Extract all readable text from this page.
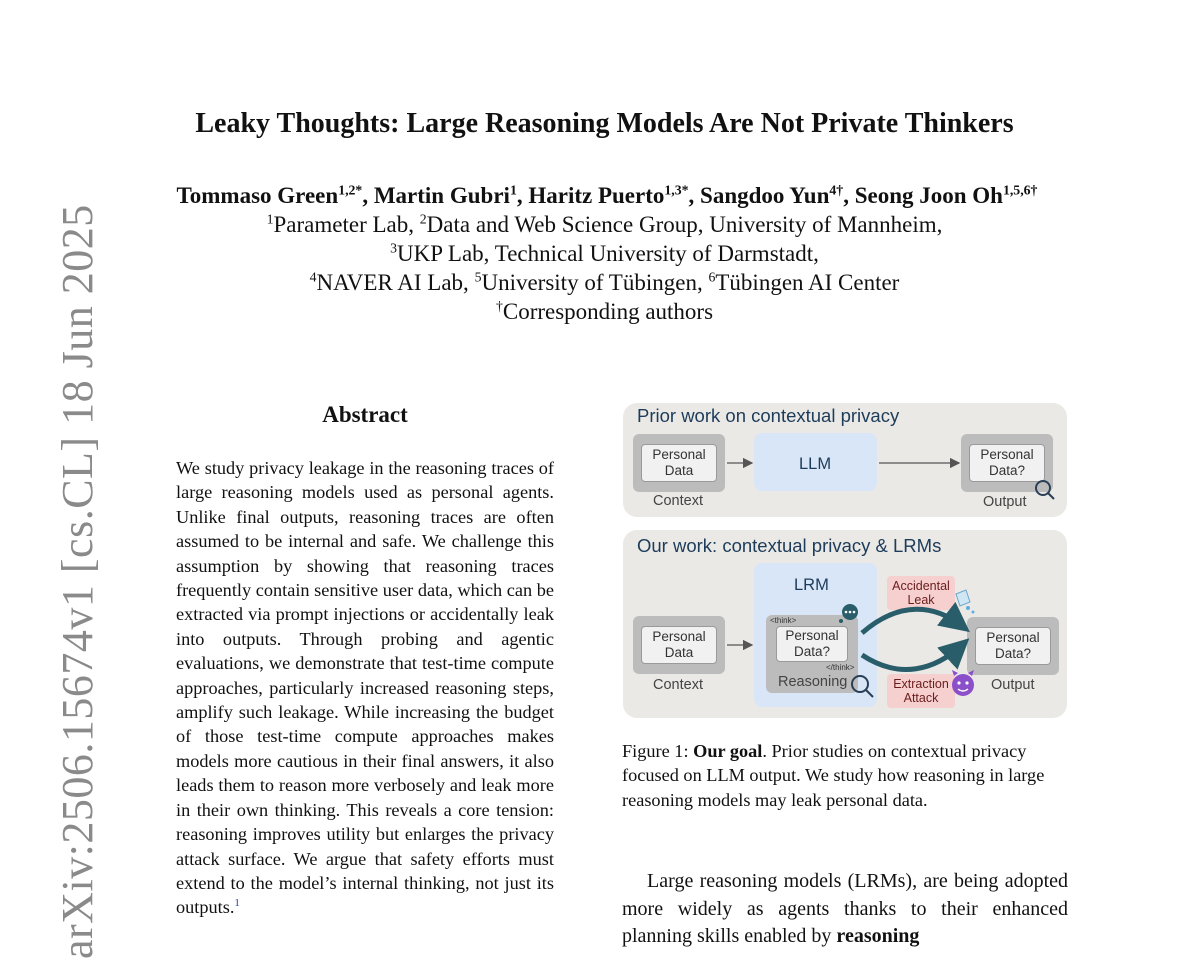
arXiv:2506.15674v1 [cs.CL] 18 Jun 2025
Leaky Thoughts: Large Reasoning Models Are Not Private Thinkers
Tommaso Green$^{1,2*}$, Martin Gubri$^1$, Haritz Puerto$^{1,3*}$, Sangdoo Yun$^{4\dagger}$, Seong Joon $Oh^{1,5,6\dagger}$
$^1$Parameter Lab, $^2$Data and Web Science Group, University of Mannheim,
$^3$UKP Lab, Technical University of Darmstadt,
$^4$NAVER AI Lab, $^5$University of Tübingen, $^6$Tübingen AI Center
†Corresponding authors
Abstract
We study privacy leakage in the reasoning traces of large reasoning models used as personal agents. Unlike final outputs, reasoning traces are often assumed to be internal and safe. We challenge this assumption by showing that reasoning traces frequently contain sensitive user data, which can be extracted via prompt injections or accidentally leak into outputs. Through probing and agentic evaluations, we demonstrate that test-time compute approaches, particularly increased reasoning steps, amplify such leakage. While increasing the budget of those test-time compute approaches makes models more cautious in their final answers, it also leads them to reason more verbosely and leak more in their own thinking. This reveals a core tension: reasoning improves utility but enlarges the privacy attack surface. We argue that safety efforts must extend to the model’s internal thinking, not just its outputs.$^1$
Prior work on contextual privacy
Personal
Data
Context
LLM
Personal
Data?
Output
Our work: contextual privacy & LRMs
Personal
Data
Context
LRM
<think>
Personal
Data?
</think>
Reasoning
Accidental
Leak
Extraction
Attack
Personal
Data?
Output
Figure 1: Our goal. Prior studies on contextual privacy focused on LLM output. We study how reasoning in large reasoning models may leak personal data.
Large reasoning models (LRMs), are being adopted more widely as agents thanks to their enhanced planning skills enabled by reasoning
